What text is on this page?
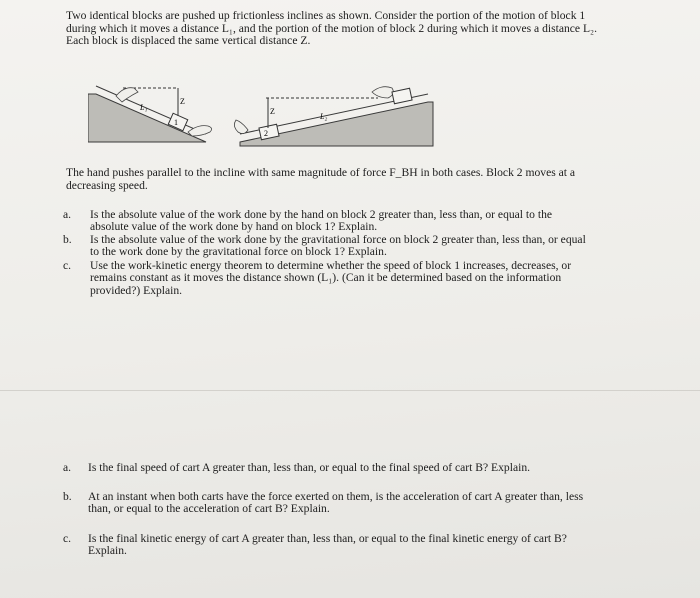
Two identical blocks are pushed up frictionless inclines as shown. Consider the portion of the motion of block 1
during which it moves a distance L₁, and the portion of the motion of block 2 during which it moves a distance L₂.
Each block is displaced the same vertical distance Z.
1
Z
L₁
2
Z
L₂
The hand pushes parallel to the incline with same magnitude of force F_BH in both cases. Block 2 moves at a
decreasing speed.
a.	Is the absolute value of the work done by the hand on block 2 greater than, less than, or equal to the
absolute value of the work done by hand on block 1? Explain.
b.	Is the absolute value of the work done by the gravitational force on block 2 greater than, less than, or equal
to the work done by the gravitational force on block 1? Explain.
c.	Use the work-kinetic energy theorem to determine whether the speed of block 1 increases, decreases, or
remains constant as it moves the distance shown (L₁). (Can it be determined based on the information
provided?) Explain.
a.	Is the final speed of cart A greater than, less than, or equal to the final speed of cart B? Explain.
b.	At an instant when both carts have the force exerted on them, is the acceleration of cart A greater than, less
than, or equal to the acceleration of cart B? Explain.
c.	Is the final kinetic energy of cart A greater than, less than, or equal to the final kinetic energy of cart B?
Explain.
